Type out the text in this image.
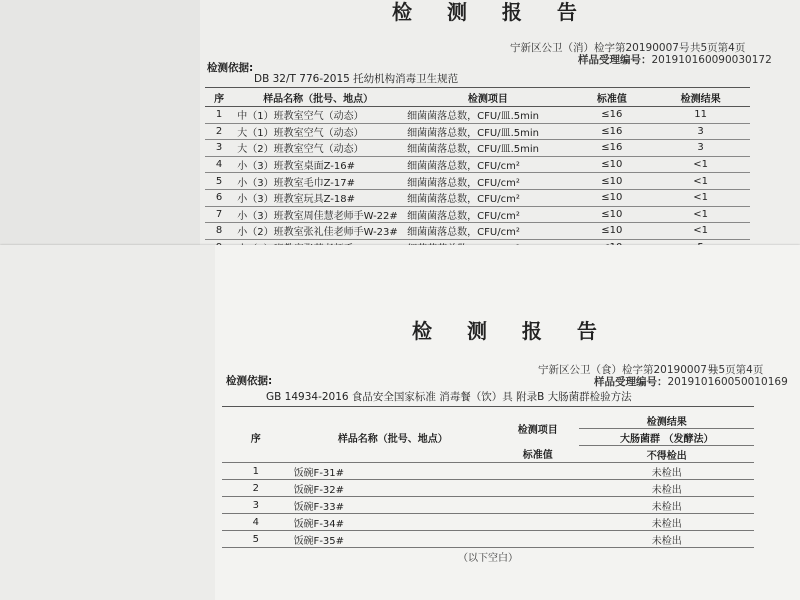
检 测 报 告
宁新区公卫（消）检字第20190007号 共5页第4页
样品受理编号：20191016009003017​2
检测依据:
DB 32/T 776-2015 托幼机构消毒卫生规范
序	样品名称（批号、地点）	检测项目	标准值	检测结果
1	中（1）班教室空气（动态）	细菌菌落总数，CFU/皿.5min	≤16	11
2	大（1）班教室空气（动态）	细菌菌落总数，CFU/皿.5min	≤16	3
3	大（2）班教室空气（动态）	细菌菌落总数，CFU/皿.5min	≤16	3
4	小（3）班教室桌面Z-16#	细菌菌落总数，CFU/cm²	≤10	<1
5	小（3）班教室毛巾Z-17#	细菌菌落总数，CFU/cm²	≤10	<1
6	小（3）班教室玩具Z-18#	细菌菌落总数，CFU/cm²	≤10	<1
7	小（3）班教室周佳慧老师手W-22#	细菌菌落总数，CFU/cm²	≤10	<1
8	小（2）班教室张礼佳老师手W-23#	细菌菌落总数，CFU/cm²	≤10	<1

检 测 报 告
宁新区公卫（食）检字第20190007号
共5页第4页
样品受理编号：20191016005001016​9
检测依据:
GB 14934-2016 食品安全国家标准 消毒餐（饮）具 附录B 大肠菌群检验方法
序	样品名称（批号、地点）	检测项目	检测结果
			大肠菌群 （发酵法）
		标准值	不得检出
1	饭碗F-31#		未检出
2	饭碗F-32#		未检出
3	饭碗F-33#		未检出
4	饭碗F-34#		未检出
5	饭碗F-35#		未检出
（以下空白）
